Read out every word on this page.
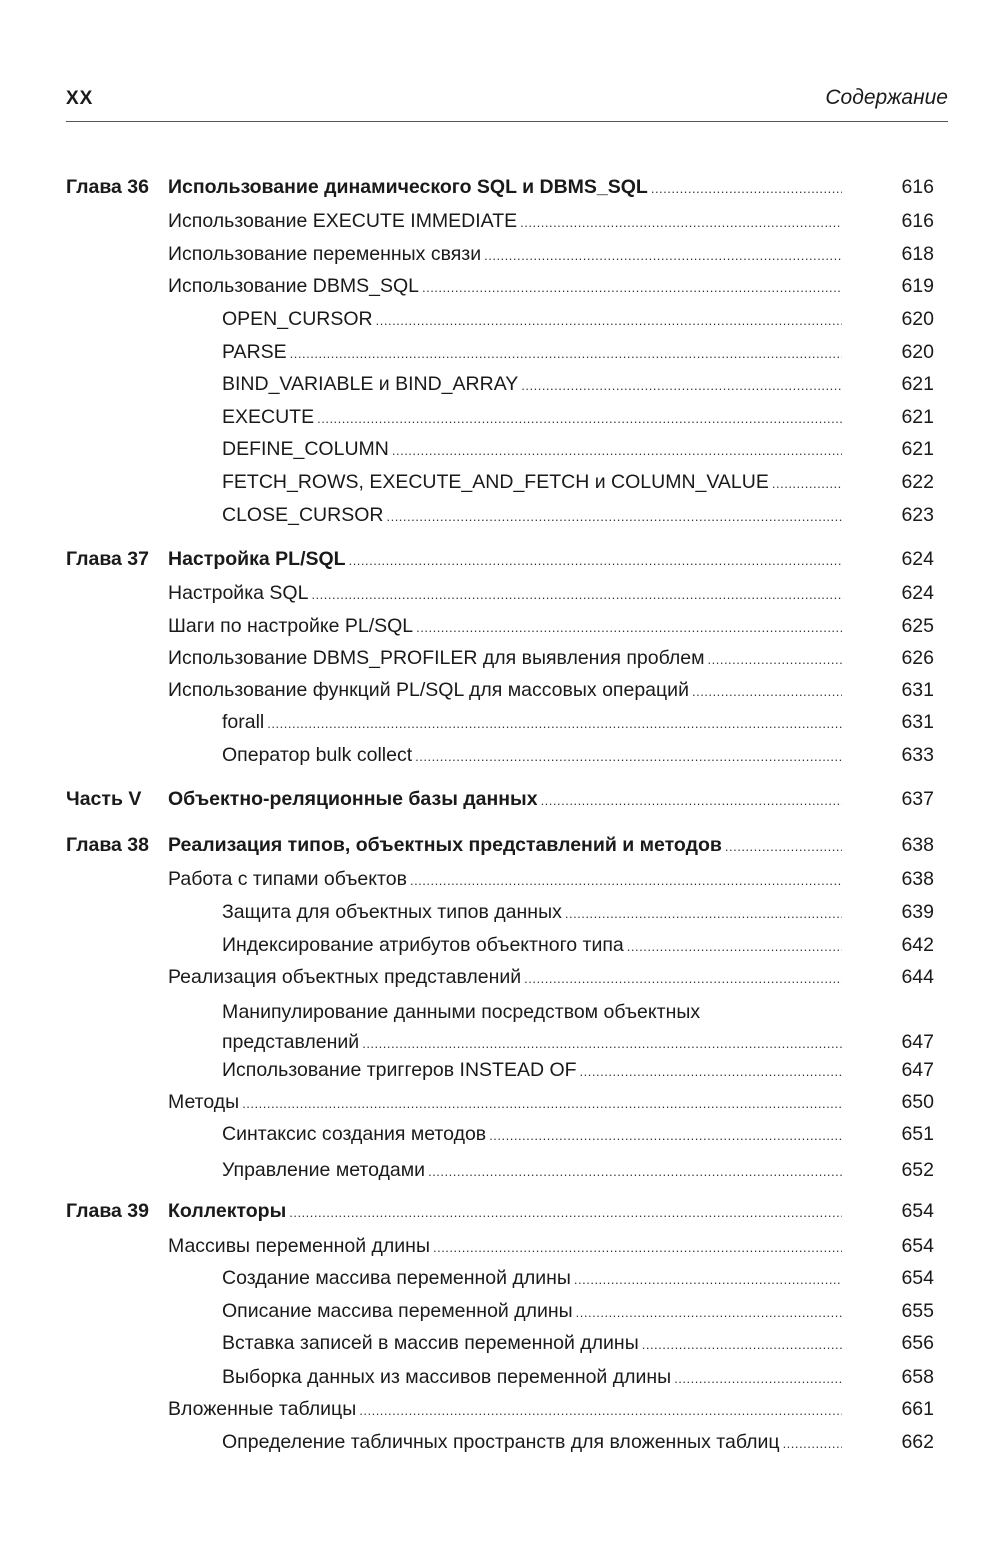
XX	Содержание
Глава 36 Использование динамического SQL и DBMS_SQL .....	616
Использование EXECUTE IMMEDIATE .....	616
Использование переменных связи .....	618
Использование DBMS_SQL .....	619
OPEN_CURSOR .....	620
PARSE .....	620
BIND_VARIABLE и BIND_ARRAY .....	621
EXECUTE .....	621
DEFINE_COLUMN .....	621
FETCH_ROWS, EXECUTE_AND_FETCH и COLUMN_VALUE .....	622
CLOSE_CURSOR .....	623
Глава 37 Настройка PL/SQL .....	624
Настройка SQL .....	624
Шаги по настройке PL/SQL .....	625
Использование DBMS_PROFILER для выявления проблем .....	626
Использование функций PL/SQL для массовых операций .....	631
forall .....	631
Оператор bulk collect .....	633
Часть V Объектно-реляционные базы данных .....	637
Глава 38 Реализация типов, объектных представлений и методов .....	638
Работа с типами объектов .....	638
Защита для объектных типов данных .....	639
Индексирование атрибутов объектного типа .....	642
Реализация объектных представлений .....	644
Манипулирование данными посредством объектных
представлений .....	647
Использование триггеров INSTEAD OF .....	647
Методы .....	650
Синтаксис создания методов .....	651
Управление методами .....	652
Глава 39 Коллекторы .....	654
Массивы переменной длины .....	654
Создание массива переменной длины .....	654
Описание массива переменной длины .....	655
Вставка записей в массив переменной длины .....	656
Выборка данных из массивов переменной длины .....	658
Вложенные таблицы .....	661
Определение табличных пространств для вложенных таблиц .....	662
